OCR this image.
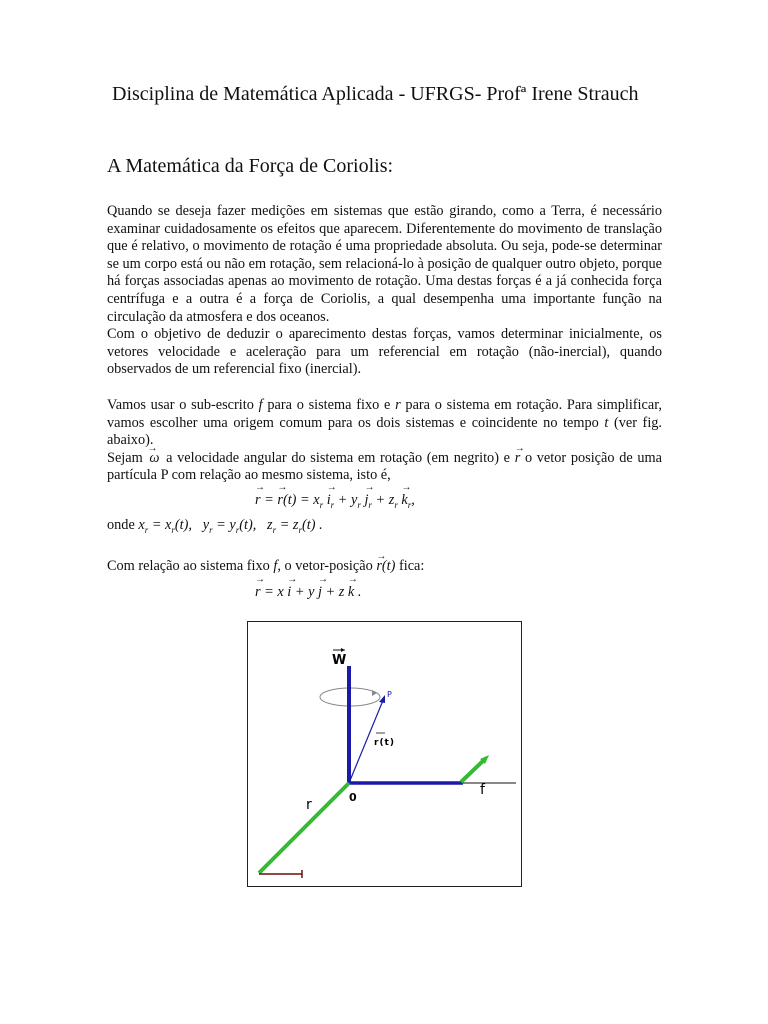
Disciplina de Matemática Aplicada - UFRGS- Profª Irene Strauch
A Matemática da Força de Coriolis:
Quando se deseja fazer medições em sistemas que estão girando, como a Terra, é necessário examinar cuidadosamente os efeitos que aparecem. Diferentemente do movimento de translação que é relativo, o movimento de rotação é uma propriedade absoluta. Ou seja, pode-se determinar se um corpo está ou não em rotação, sem relacioná-lo à posição de qualquer outro objeto, porque há forças associadas apenas ao movimento de rotação. Uma destas forças é a já conhecida força centrífuga e a outra é a força de Coriolis, a qual desempenha uma importante função na circulação da atmosfera e dos oceanos.
Com o objetivo de deduzir o aparecimento destas forças, vamos determinar inicialmente, os vetores velocidade e aceleração para um referencial em rotação (não-inercial), quando observados de um referencial fixo (inercial).
Vamos usar o sub-escrito f para o sistema fixo e r para o sistema em rotação. Para simplificar, vamos escolher uma origem comum para os dois sistemas e coincidente no tempo t (ver fig. abaixo).
Sejam → ω a velocidade angular do sistema em rotação (em negrito) e → r o vetor posição de uma partícula P com relação ao mesmo sistema, isto é,
→ r = → $r(t) = x_r \to i_r + y_r \to j_r + z_r \to k_r$,
onde $x_r = x_r(t)$,   $y_r = y_r(t)$,   $z_r = z_r(t)$ .
Com relação ao sistema fixo f, o vetor-posição → r(t) fica:
→ r = x → i + y → j + z → k .
W
P
r(t)
0	f
r
